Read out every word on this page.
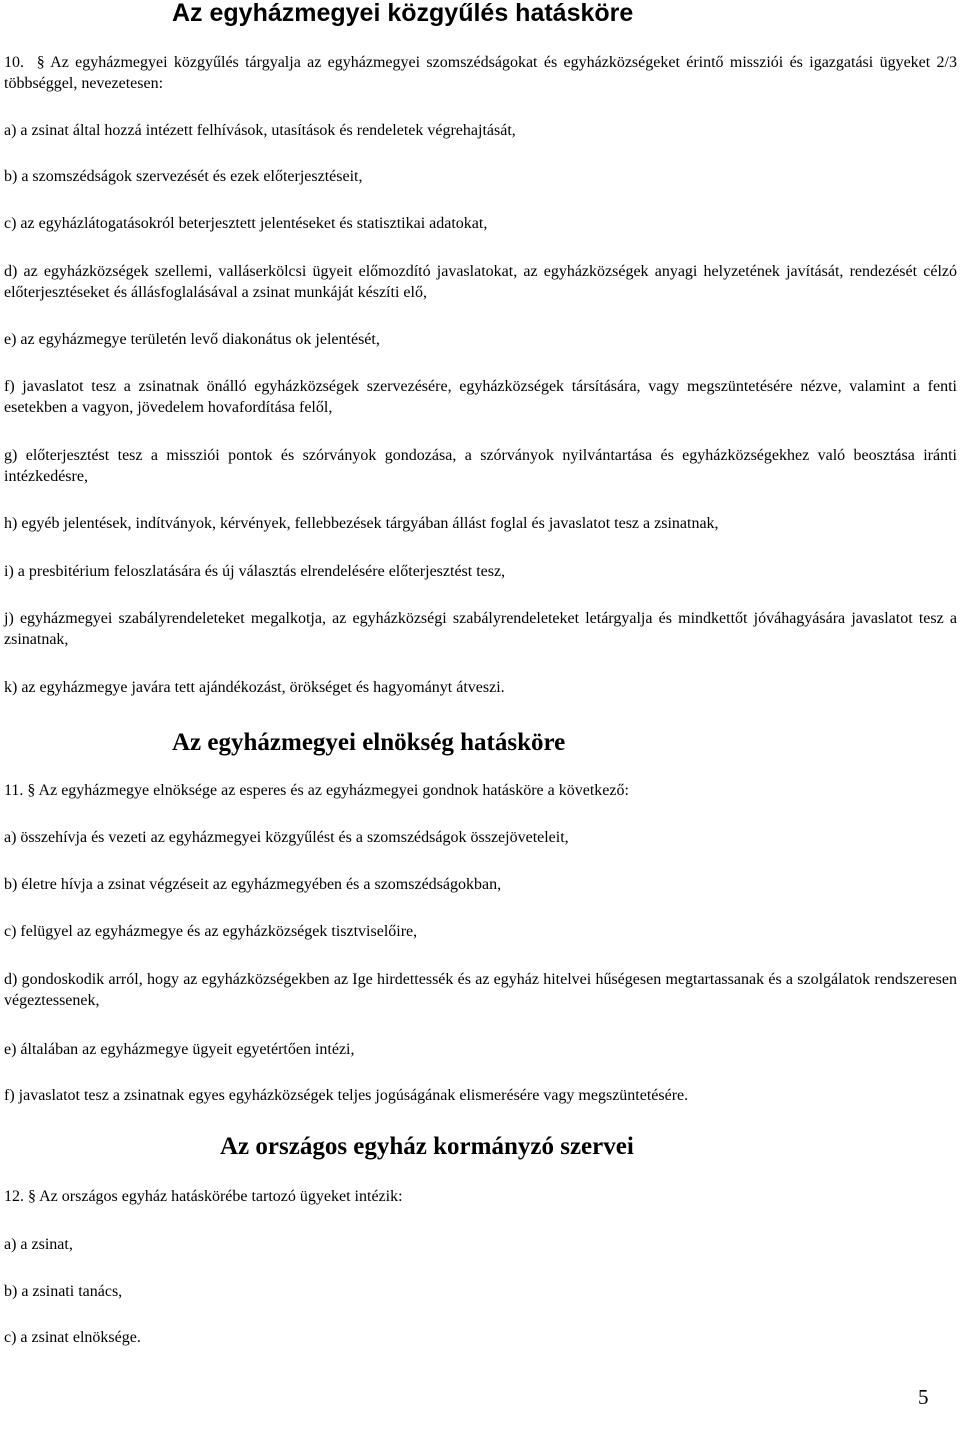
Az egyházmegyei közgyűlés hatásköre

10. § Az egyházmegyei közgyűlés tárgyalja az egyházmegyei szomszédságokat és egyházközségeket érintő missziói és igazgatási ügyeket 2/3 többséggel, nevezetesen:

a) a zsinat által hozzá intézett felhívások, utasítások és rendeletek végrehajtását,

b) a szomszédságok szervezését és ezek előterjesztéseit,

c) az egyházlátogatásokról beterjesztett jelentéseket és statisztikai adatokat,

d) az egyházközségek szellemi, valláserkölcsi ügyeit előmozdító javaslatokat, az egyházközségek anyagi helyzetének javítását, rendezését célzó előterjesztéseket és állásfoglalásával a zsinat munkáját készíti elő,

e) az egyházmegye területén levő diakonátus ok jelentését,

f) javaslatot tesz a zsinatnak önálló egyházközségek szervezésére, egyházközségek társítására, vagy megszüntetésére nézve, valamint a fenti esetekben a vagyon, jövedelem hovafordítása felől,

g) előterjesztést tesz a missziói pontok és szórványok gondozása, a szórványok nyilvántartása és egyházközségekhez való beosztása iránti intézkedésre,

h) egyéb jelentések, indítványok, kérvények, fellebbezések tárgyában állást foglal és javaslatot tesz a zsinatnak,

i) a presbitérium feloszlatására és új választás elrendelésére előterjesztést tesz,

j) egyházmegyei szabályrendeleteket megalkotja, az egyházközségi szabályrendeleteket letárgyalja és mindkettőt jóváhagyására javaslatot tesz a zsinatnak,

k) az egyházmegye javára tett ajándékozást, örökséget és hagyományt átveszi.

Az egyházmegyei elnökség hatásköre

11. § Az egyházmegye elnöksége az esperes és az egyházmegyei gondnok hatásköre a következő:

a) összehívja és vezeti az egyházmegyei közgyűlést és a szomszédságok összejöveteleit,

b) életre hívja a zsinat végzéseit az egyházmegyében és a szomszédságokban,

c) felügyel az egyházmegye és az egyházközségek tisztviselőire,

d) gondoskodik arról, hogy az egyházközségekben az Ige hirdettessék és az egyház hitelvei hűségesen megtartassanak és a szolgálatok rendszeresen végeztessenek,

e) általában az egyházmegye ügyeit egyetértően intézi,

f) javaslatot tesz a zsinatnak egyes egyházközségek teljes jogúságának elismerésére vagy megszüntetésére.

Az országos egyház kormányzó szervei

12. § Az országos egyház hatáskörébe tartozó ügyeket intézik:

a) a zsinat,

b) a zsinati tanács,

c) a zsinat elnöksége.

5
